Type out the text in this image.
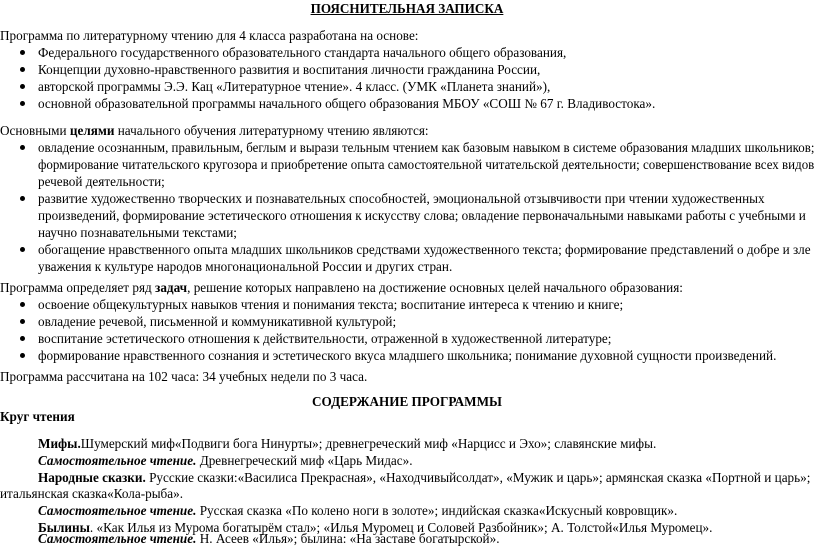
ПОЯСНИТЕЛЬНАЯ ЗАПИСКА
Программа по литературному чтению для 4 класса разработана на основе:
Федерального государственного образовательного стандарта начального общего образования,
Концепции духовно-нравственного развития и воспитания личности гражданина России,
авторской программы Э.Э. Кац «Литературное чтение». 4 класс. (УМК «Планета знаний»),
основной образовательной программы начального общего образования МБОУ «СОШ № 67 г. Владивостока».
Основными целями начального обучения литературному чтению являются:
овладение осознанным, правильным, беглым и вырази тельным чтением как базовым навыком в системе образования младших школьников;
формирование читательского кругозора и приобретение опыта самостоятельной читательской деятельности; совершенствование всех видов
речевой деятельности;
развитие художественно творческих и познавательных способностей, эмоциональной отзывчивости при чтении художественных
произведений, формирование эстетического отношения к искусству слова; овладение первоначальными навыками работы с учебными и
научно познавательными текстами;
обогащение нравственного опыта младших школьников средствами художественного текста; формирование представлений о добре и зле
уважения к культуре народов многонациональной России и других стран.
Программа определяет ряд задач, решение которых направлено на достижение основных целей начального образования:
освоение общекультурных навыков чтения и понимания текста; воспитание интереса к чтению и книге;
овладение речевой, письменной и коммуникативной культурой;
воспитание эстетического отношения к действительности, отраженной в художественной литературе;
формирование нравственного сознания и эстетического вкуса младшего школьника; понимание духовной сущности произведений.
Программа рассчитана на 102 часа: 34 учебных недели по 3 часа.
СОДЕРЖАНИЕ ПРОГРАММЫ
Круг чтения
Мифы.Шумерский миф«Подвиги бога Нинурты»; древнегреческий миф «Нарцисс и Эхо»; славянские мифы.
Самостоятельное чтение. Древнегреческий миф «Царь Мидас».
Народные сказки. Русские сказки:«Василиса Прекрасная», «Находчивыйсолдат», «Мужик и царь»; армянская сказка «Портной и царь»;
итальянская сказка«Кола-рыба».
Самостоятельное чтение. Русская сказка «По колено ноги в золоте»; индийская сказка«Искусный ковровщик».
Былины. «Как Илья из Мурома богатырём стал»; «Илья Муромец и Соловей Разбойник»; А. Толстой«Илья Муромец».
Самостоятельное чтение. Н. Асеев «Илья»; былина: «На заставе богатырской».
